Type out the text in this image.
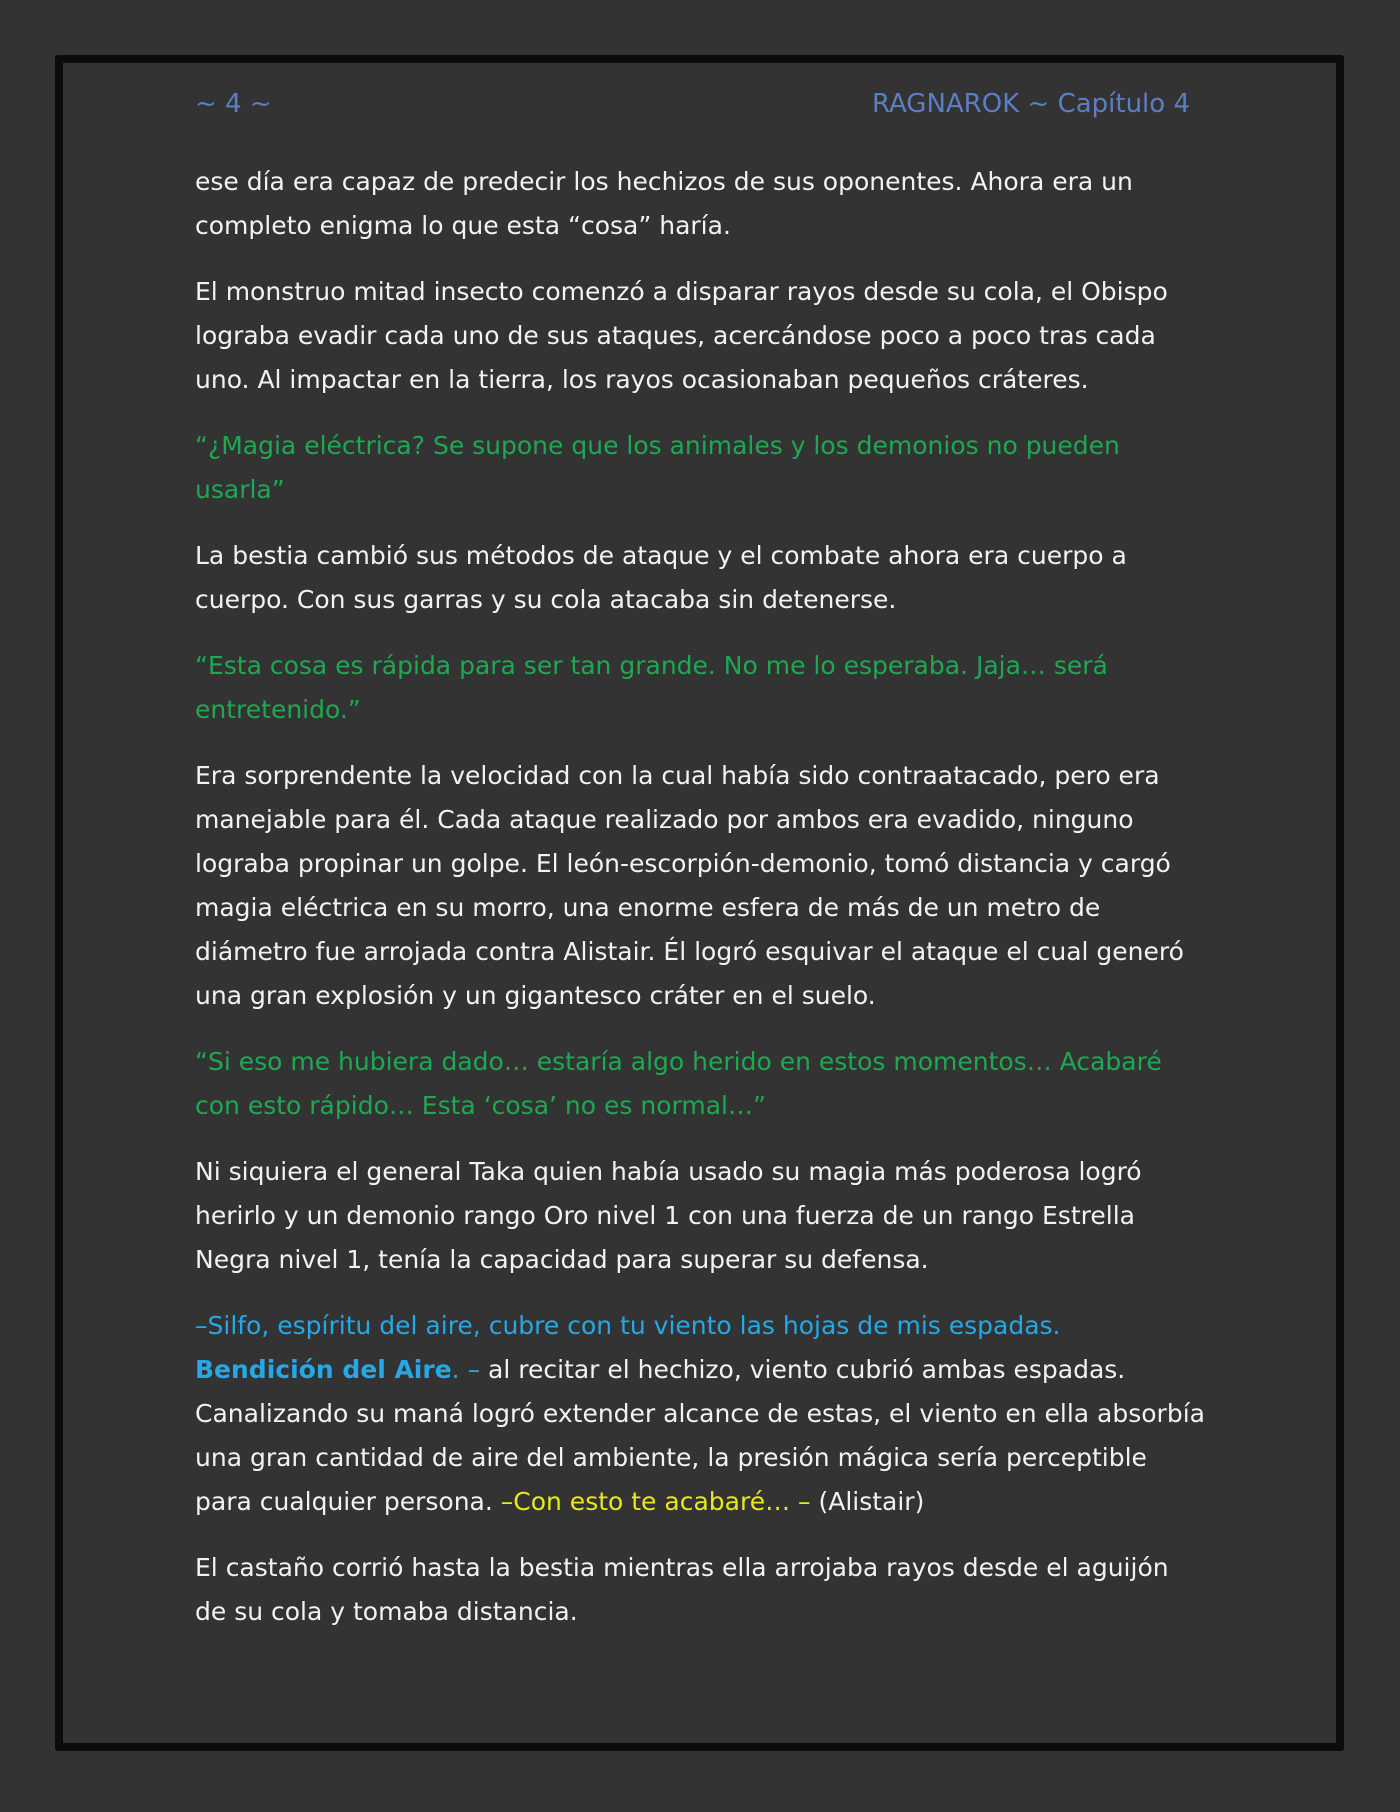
~ 4 ~	RAGNAROK ~ Capítulo 4

ese día era capaz de predecir los hechizos de sus oponentes. Ahora era un completo enigma lo que esta “cosa” haría.

El monstruo mitad insecto comenzó a disparar rayos desde su cola, el Obispo lograba evadir cada uno de sus ataques, acercándose poco a poco tras cada uno. Al impactar en la tierra, los rayos ocasionaban pequeños cráteres.

“¿Magia eléctrica? Se supone que los animales y los demonios no pueden usarla”

La bestia cambió sus métodos de ataque y el combate ahora era cuerpo a cuerpo. Con sus garras y su cola atacaba sin detenerse.

“Esta cosa es rápida para ser tan grande. No me lo esperaba. Jaja… será entretenido.”

Era sorprendente la velocidad con la cual había sido contraatacado, pero era manejable para él. Cada ataque realizado por ambos era evadido, ninguno lograba propinar un golpe. El león-escorpión-demonio, tomó distancia y cargó magia eléctrica en su morro, una enorme esfera de más de un metro de diámetro fue arrojada contra Alistair. Él logró esquivar el ataque el cual generó una gran explosión y un gigantesco cráter en el suelo.

“Si eso me hubiera dado… estaría algo herido en estos momentos… Acabaré con esto rápido… Esta ‘cosa’ no es normal…”

Ni siquiera el general Taka quien había usado su magia más poderosa logró herirlo y un demonio rango Oro nivel 1 con una fuerza de un rango Estrella Negra nivel 1, tenía la capacidad para superar su defensa.

–Silfo, espíritu del aire, cubre con tu viento las hojas de mis espadas. Bendición del Aire. – al recitar el hechizo, viento cubrió ambas espadas. Canalizando su maná logró extender alcance de estas, el viento en ella absorbía una gran cantidad de aire del ambiente, la presión mágica sería perceptible para cualquier persona. –Con esto te acabaré… – (Alistair)

El castaño corrió hasta la bestia mientras ella arrojaba rayos desde el aguijón de su cola y tomaba distancia.
